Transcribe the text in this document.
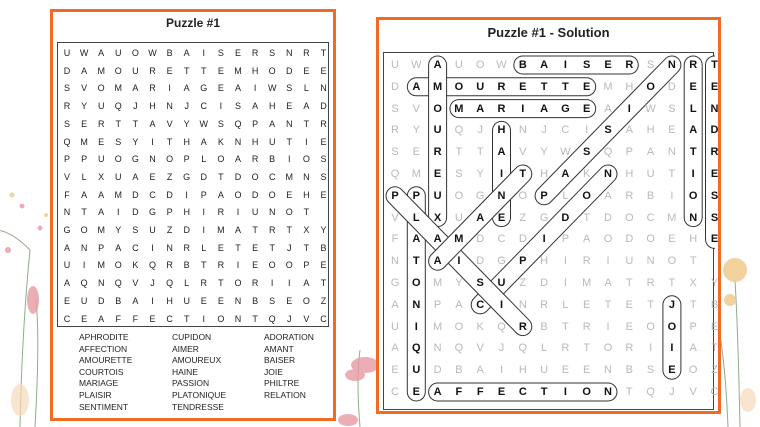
Puzzle #1
U	W	A	U	O	W	B	A	I	S	E	R	S	N	R	T
D	A	M	O	U	R	E	T	T	E	M	H	O	D	E	E
S	V	O	M	A	R	I	A	G	E	A	I	W	S	L	N
R	Y	U	Q	J	H	N	J	C	I	S	A	H	E	A	D
S	E	R	T	T	A	V	Y	W	S	Q	P	A	N	T	R
Q	M	E	S	Y	I	T	H	A	K	N	H	U	T	I	E
P	P	U	O	G	N	O	P	L	O	A	R	B	I	O	S
V	L	X	U	A	E	Z	G	D	T	D	O	C	M	N	S
F	A	A	M	D	C	D	I	P	A	O	D	O	E	H	E
N	T	A	I	D	G	P	H	I	R	I	U	N	O	T
G	O	M	Y	S	U	Z	D	I	M	A	T	R	T	X	Y
A	N	P	A	C	I	N	R	L	E	T	E	T	J	T	B
U	I	M	O	K	Q	R	B	T	R	I	E	O	O	P	E
A	Q	N	Q	V	J	Q	L	R	T	O	R	I	I	A	T
E	U	D	B	A	I	H	U	E	E	N	B	S	E	O	Z
C	E	A	F	F	E	C	T	I	O	N	T	Q	J	V	C
APHRODITE
AFFECTION
AMOURETTE
COURTOIS
MARIAGE
PLAISIR
SENTIMENT
CUPIDON
AIMER
AMOUREUX
HAINE
PASSION
PLATONIQUE
TENDRESSE
ADORATION
AMANT
BAISER
JOIE
PHILTRE
RELATION
Puzzle #1 - Solution
U	W	A	U	O	W	B	A	I	S	E	R	S	N	R	T
D	A	M	O	U	R	E	T	T	E	M	H	O	D	E	E
S	V	O	M	A	R	I	A	G	E	A	I	W	S	L	N
R	Y	U	Q	J	H	N	J	C	I	S	A	H	E	A	D
S	E	R	T	T	A	V	Y	W	S	Q	P	A	N	T	R
Q	M	E	S	Y	I	T	H	A	K	N	H	U	T	I	E
P	P	U	O	G	N	O	P	L	O	A	R	B	I	O	S
V	L	X	U	A	E	Z	G	D	T	D	O	C	M	N	S
F	A	A	M	D	C	D	I	P	A	O	D	O	E	H	E
N	T	A	I	D	G	P	H	I	R	I	U	N	O	T
G	O	M	Y	S	U	Z	D	I	M	A	T	R	T	X	Y
A	N	P	A	C	I	N	R	L	E	T	E	T	J	T	B
U	I	M	O	K	Q	R	B	T	R	I	E	O	O	P	E
A	Q	N	Q	V	J	Q	L	R	T	O	R	I	I	A	T
E	U	D	B	A	I	H	U	E	E	N	B	S	E	O	Z
C	E	A	F	F	E	C	T	I	O	N	T	Q	J	V	C
